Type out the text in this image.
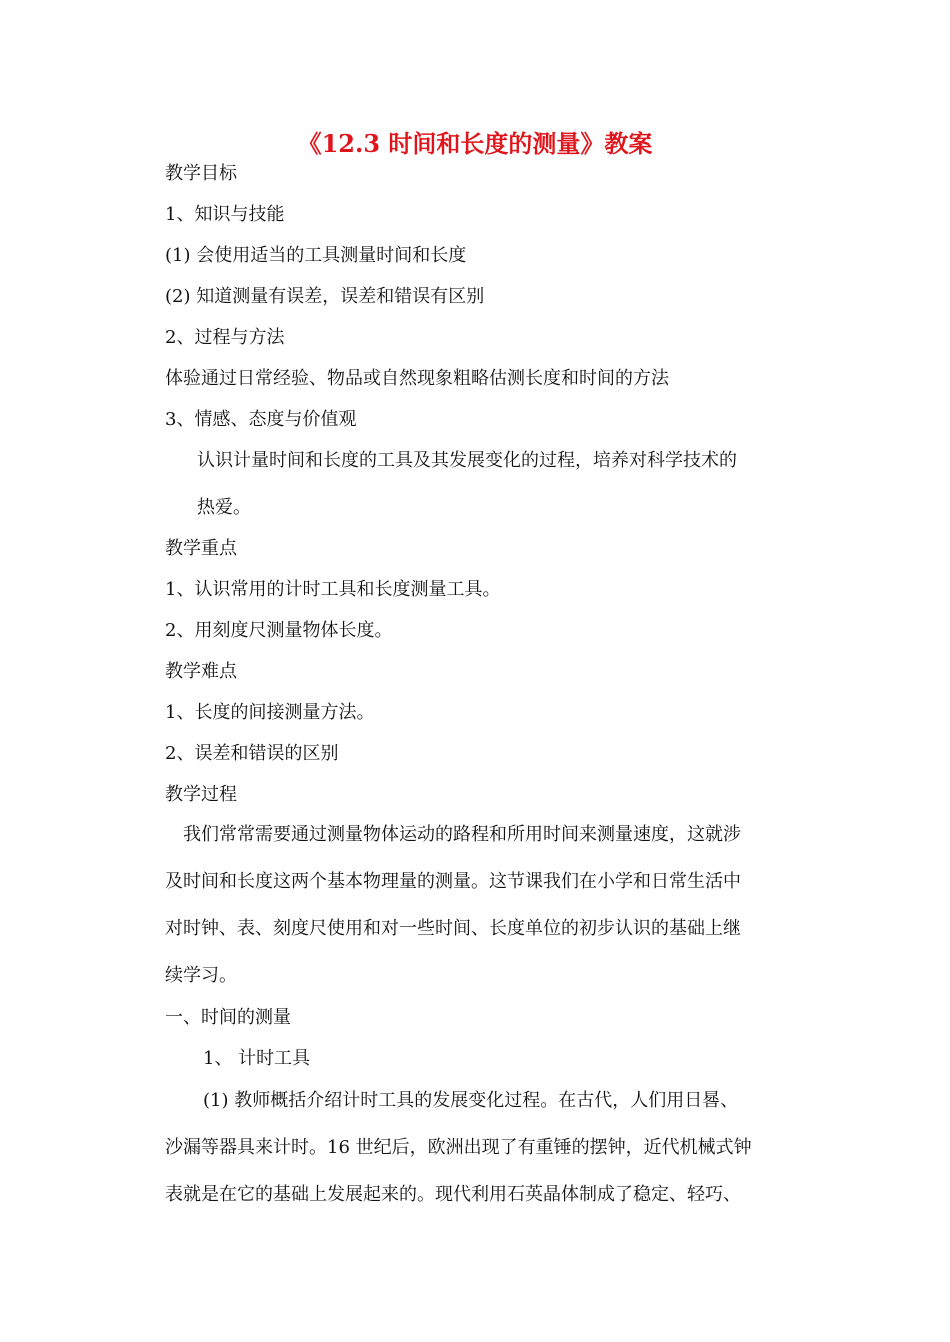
《12.3 时间和长度的测量》教案
教学目标
1、知识与技能
(1) 会使用适当的工具测量时间和长度
(2) 知道测量有误差，误差和错误有区别
2、过程与方法
体验通过日常经验、物品或自然现象粗略估测长度和时间的方法
3、情感、态度与价值观
认识计量时间和长度的工具及其发展变化的过程，培养对科学技术的
热爱。
教学重点
1、认识常用的计时工具和长度测量工具。
2、用刻度尺测量物体长度。
教学难点
1、长度的间接测量方法。
2、误差和错误的区别
教学过程
我们常常需要通过测量物体运动的路程和所用时间来测量速度，这就涉
及时间和长度这两个基本物理量的测量。这节课我们在小学和日常生活中
对时钟、表、刻度尺使用和对一些时间、长度单位的初步认识的基础上继
续学习。
一、时间的测量
1、 计时工具
(1) 教师概括介绍计时工具的发展变化过程。在古代，人们用日晷、
沙漏等器具来计时。16 世纪后，欧洲出现了有重锤的摆钟，近代机械式钟
表就是在它的基础上发展起来的。现代利用石英晶体制成了稳定、轻巧、
